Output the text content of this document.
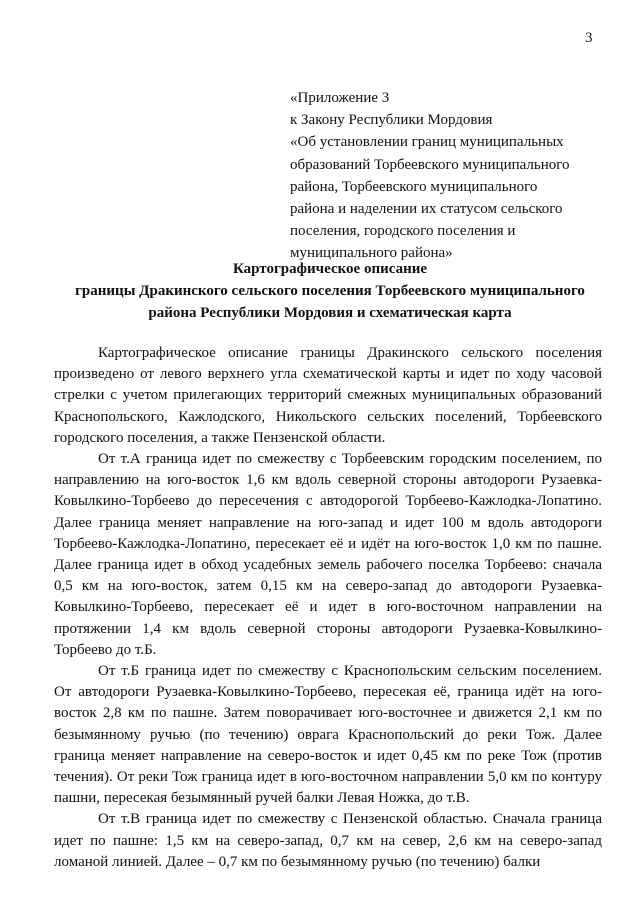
3
«Приложение 3
к Закону Республики Мордовия
«Об установлении границ муниципальных
образований Торбеевского муниципального
района, Торбеевского муниципального
района и наделении их статусом сельского
поселения, городского поселения и
муниципального района»
Картографическое описание
границы Дракинского сельского поселения Торбеевского муниципального
района Республики Мордовия и схематическая карта

Картографическое описание границы Дракинского сельского поселения произведено от левого верхнего угла схематической карты и идет по ходу часовой стрелки с учетом прилегающих территорий смежных муниципальных образований Краснопольского, Кажлодского, Никольского сельских поселений, Торбеевского городского поселения, а также Пензенской области.

От т.А граница идет по смежеству с Торбеевским городским поселением, по направлению на юго-восток 1,6 км вдоль северной стороны автодороги Рузаевка-Ковылкино-Торбеево до пересечения с автодорогой Торбеево-Кажлодка-Лопатино. Далее граница меняет направление на юго-запад и идет 100 м вдоль автодороги Торбеево-Кажлодка-Лопатино, пересекает её и идёт на юго-восток 1,0 км по пашне. Далее граница идет в обход усадебных земель рабочего поселка Торбеево: сначала 0,5 км на юго-восток, затем 0,15 км на северо-запад до автодороги Рузаевка-Ковылкино-Торбеево, пересекает её и идет в юго-восточном направлении на протяжении 1,4 км вдоль северной стороны автодороги Рузаевка-Ковылкино-Торбеево до т.Б.

От т.Б граница идет по смежеству с Краснопольским сельским поселением. От автодороги Рузаевка-Ковылкино-Торбеево, пересекая её, граница идёт на юго-восток 2,8 км по пашне. Затем поворачивает юго-восточнее и движется 2,1 км по безымянному ручью (по течению) оврага Краснопольский до реки Тож. Далее граница меняет направление на северо-восток и идет 0,45 км по реке Тож (против течения). От реки Тож граница идет в юго-восточном направлении 5,0 км по контуру пашни, пересекая безымянный ручей балки Левая Ножка, до т.В.

От т.В граница идет по смежеству с Пензенской областью. Сначала граница идет по пашне: 1,5 км на северо-запад, 0,7 км на север, 2,6 км на северо-запад ломаной линией. Далее – 0,7 км по безымянному ручью (по течению) балки
